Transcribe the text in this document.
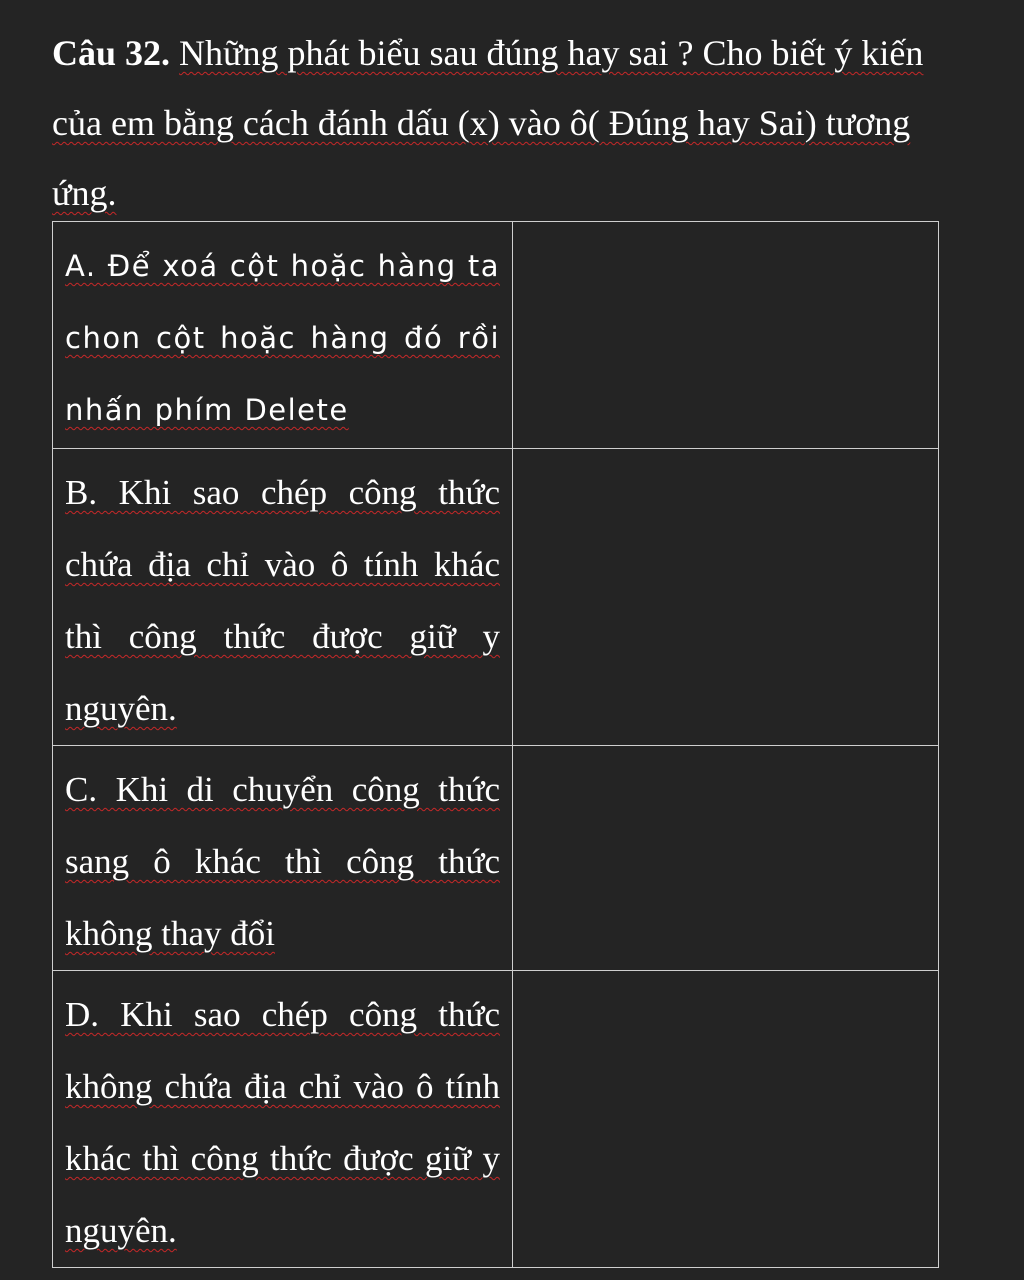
Câu 32. Những phát biểu sau đúng hay sai ? Cho biết ý kiến của em bằng cách đánh dấu (x) vào ô( Đúng hay Sai) tương ứng.

A. Để xoá cột hoặc hàng ta chon cột hoặc hàng đó rồi nhấn phím Delete	
B. Khi sao chép công thức chứa địa chỉ vào ô tính khác thì công thức được giữ y nguyên.	
C. Khi di chuyển công thức sang ô khác thì công thức không thay đổi	
D. Khi sao chép công thức không chứa địa chỉ vào ô tính khác thì công thức được giữ y nguyên.	
